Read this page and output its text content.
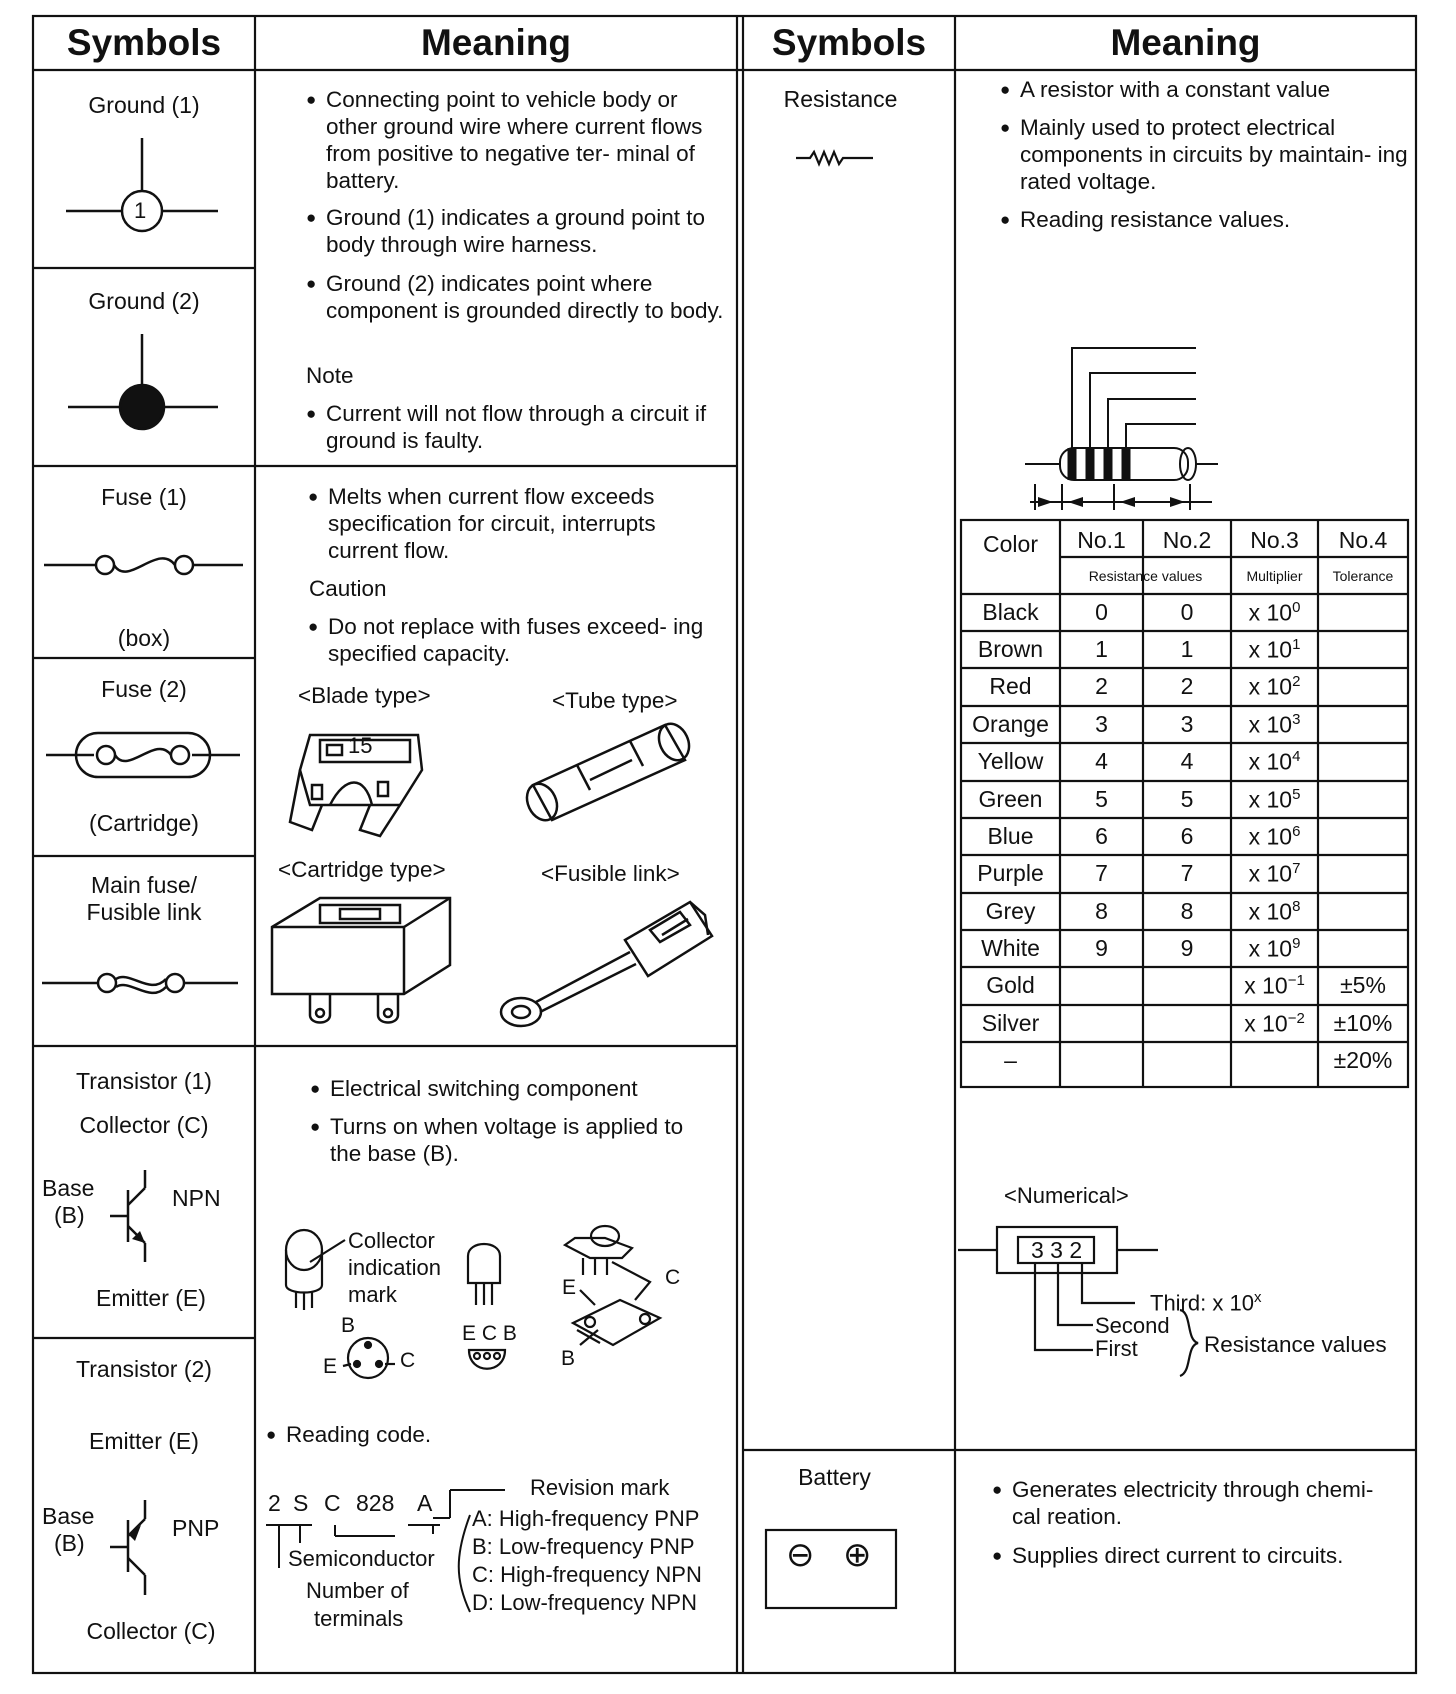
Symbols	Meaning	Symbols	Meaning
Ground (1)
1
Ground (2)
● Connecting point to vehicle body or other ground wire where current flows from positive to negative ter- minal of battery.
● Ground (1) indicates a ground point to body through wire harness.
● Ground (2) indicates point where component is grounded directly to body.
Note
● Current will not flow through a circuit if ground is faulty.
Fuse (1)
(box)
Fuse (2)
(Cartridge)
Main fuse/
Fusible link
● Melts when current flow exceeds specification for circuit, interrupts current flow.
Caution
● Do not replace with fuses exceed- ing specified capacity.
<Blade type>
15
<Tube type>
<Cartridge type>	<Fusible link>
Transistor (1)
Collector (C)
Base
(B)
NPN
Emitter (E)
Transistor (2)
Emitter (E)
Base
(B)
PNP
Collector (C)
● Electrical switching component
● Turns on when voltage is applied to the base (B).
Collector
indication
mark
B
E	C
E C B
E	C
B
● Reading code.
2 S C 828 A
Revision mark
A: High-frequency PNP
B: Low-frequency PNP
C: High-frequency NPN
D: Low-frequency NPN
Semiconductor
Number of
terminals
Resistance
●	A resistor with a constant value
● Mainly used to protect electrical components in circuits by maintain- ing rated voltage.
● Reading resistance values.
Color	No.1	No.2	No.3	No.4
Resistance values	Multiplier	Tolerance
Black	0	0	x $10^0$
Brown	1	1	x $10^1$
Red	2	2	x $10^2$
Orange	3	3	x $10^3$
Yellow	4	4	x $10^4$
Green	5	5	x $10^5$
Blue	6	6	x $10^6$
Purple	7	7	x $10^7$
Grey	8	8	x $10^8$
White	9	9	x $10^9$
Gold	x $10^{-1}$	±5%
Silver	x $10^{-2}$	±10%
–	±20%
<Numerical>
3 3 2
Third: x 10$^x$
Second
First	Resistance values
Battery
⊖ ⊕
● Generates electricity through chemi- cal reation.
● Supplies direct current to circuits.
